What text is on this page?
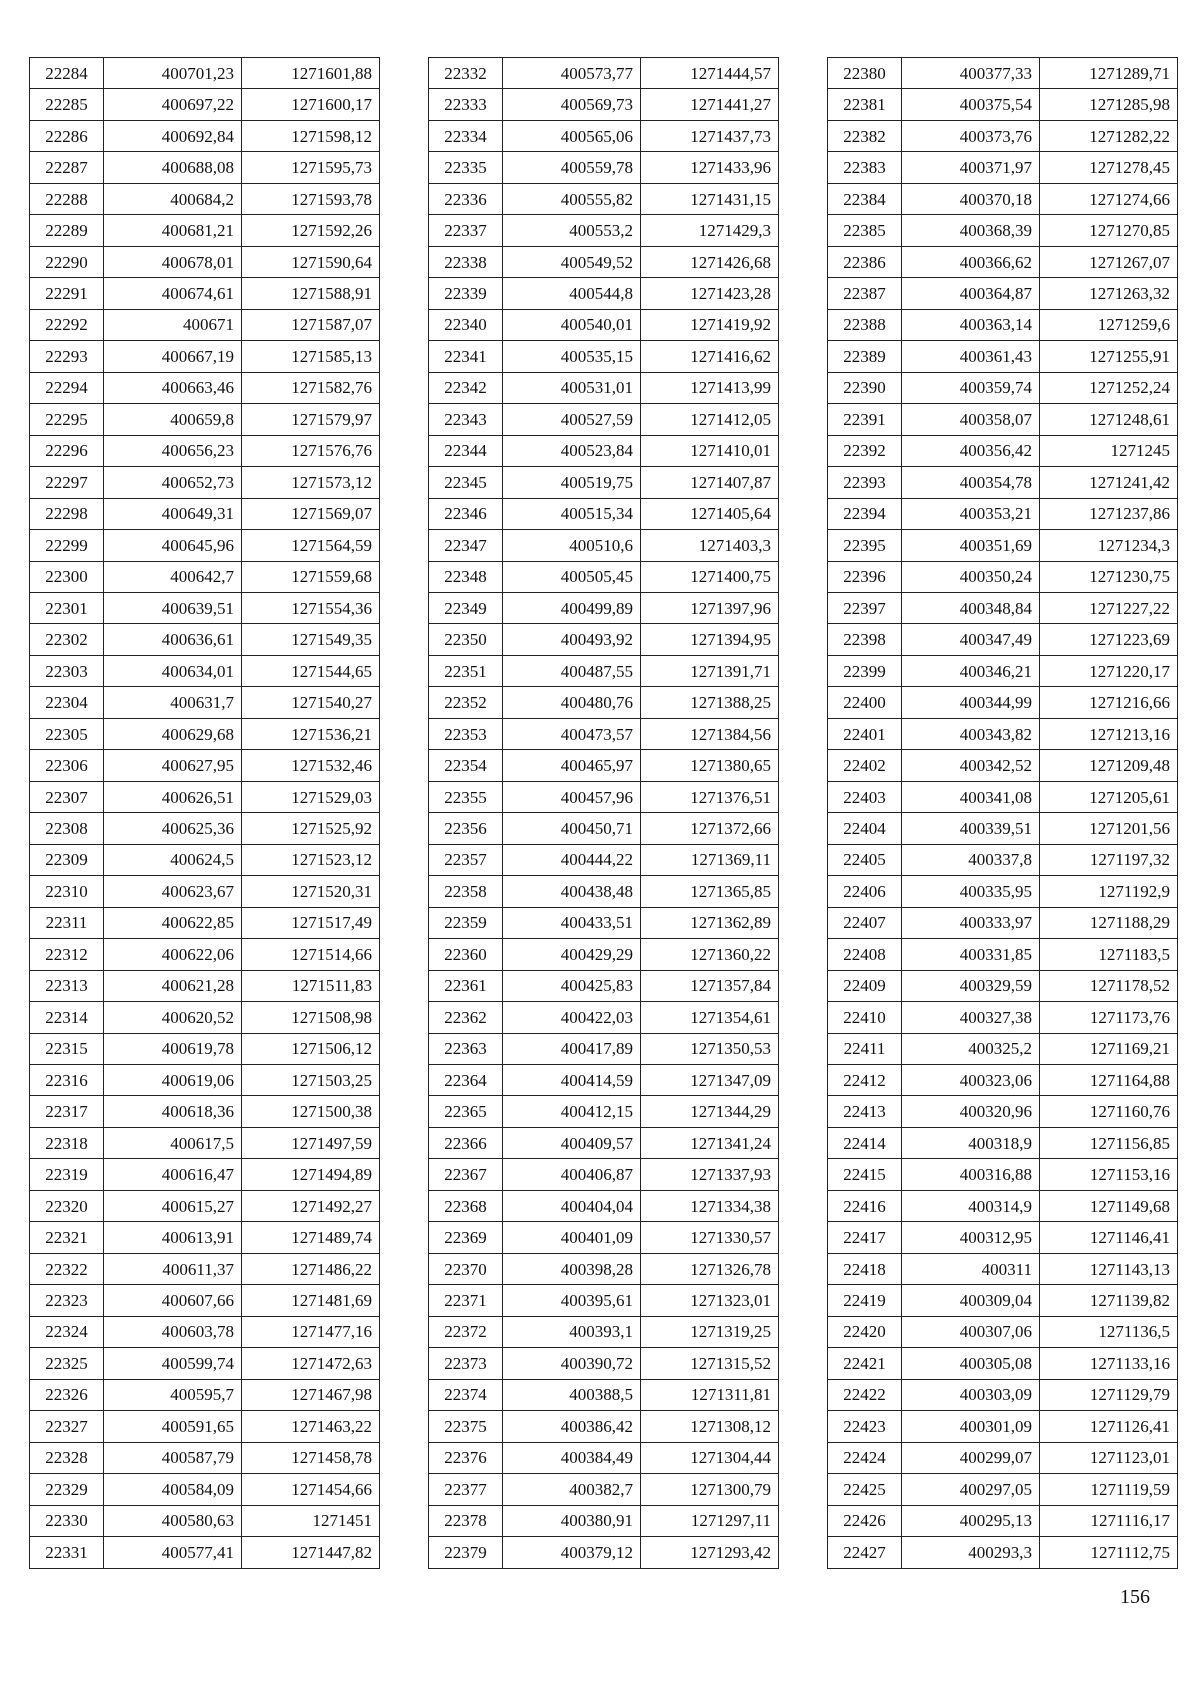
22284	400701,23	1271601,88
22285	400697,22	1271600,17
22286	400692,84	1271598,12
22287	400688,08	1271595,73
22288	400684,2	1271593,78
22289	400681,21	1271592,26
22290	400678,01	1271590,64
22291	400674,61	1271588,91
22292	400671	1271587,07
22293	400667,19	1271585,13
22294	400663,46	1271582,76
22295	400659,8	1271579,97
22296	400656,23	1271576,76
22297	400652,73	1271573,12
22298	400649,31	1271569,07
22299	400645,96	1271564,59
22300	400642,7	1271559,68
22301	400639,51	1271554,36
22302	400636,61	1271549,35
22303	400634,01	1271544,65
22304	400631,7	1271540,27
22305	400629,68	1271536,21
22306	400627,95	1271532,46
22307	400626,51	1271529,03
22308	400625,36	1271525,92
22309	400624,5	1271523,12
22310	400623,67	1271520,31
22311	400622,85	1271517,49
22312	400622,06	1271514,66
22313	400621,28	1271511,83
22314	400620,52	1271508,98
22315	400619,78	1271506,12
22316	400619,06	1271503,25
22317	400618,36	1271500,38
22318	400617,5	1271497,59
22319	400616,47	1271494,89
22320	400615,27	1271492,27
22321	400613,91	1271489,74
22322	400611,37	1271486,22
22323	400607,66	1271481,69
22324	400603,78	1271477,16
22325	400599,74	1271472,63
22326	400595,7	1271467,98
22327	400591,65	1271463,22
22328	400587,79	1271458,78
22329	400584,09	1271454,66
22330	400580,63	1271451
22331	400577,41	1271447,82
22332	400573,77	1271444,57
22333	400569,73	1271441,27
22334	400565,06	1271437,73
22335	400559,78	1271433,96
22336	400555,82	1271431,15
22337	400553,2	1271429,3
22338	400549,52	1271426,68
22339	400544,8	1271423,28
22340	400540,01	1271419,92
22341	400535,15	1271416,62
22342	400531,01	1271413,99
22343	400527,59	1271412,05
22344	400523,84	1271410,01
22345	400519,75	1271407,87
22346	400515,34	1271405,64
22347	400510,6	1271403,3
22348	400505,45	1271400,75
22349	400499,89	1271397,96
22350	400493,92	1271394,95
22351	400487,55	1271391,71
22352	400480,76	1271388,25
22353	400473,57	1271384,56
22354	400465,97	1271380,65
22355	400457,96	1271376,51
22356	400450,71	1271372,66
22357	400444,22	1271369,11
22358	400438,48	1271365,85
22359	400433,51	1271362,89
22360	400429,29	1271360,22
22361	400425,83	1271357,84
22362	400422,03	1271354,61
22363	400417,89	1271350,53
22364	400414,59	1271347,09
22365	400412,15	1271344,29
22366	400409,57	1271341,24
22367	400406,87	1271337,93
22368	400404,04	1271334,38
22369	400401,09	1271330,57
22370	400398,28	1271326,78
22371	400395,61	1271323,01
22372	400393,1	1271319,25
22373	400390,72	1271315,52
22374	400388,5	1271311,81
22375	400386,42	1271308,12
22376	400384,49	1271304,44
22377	400382,7	1271300,79
22378	400380,91	1271297,11
22379	400379,12	1271293,42
22380	400377,33	1271289,71
22381	400375,54	1271285,98
22382	400373,76	1271282,22
22383	400371,97	1271278,45
22384	400370,18	1271274,66
22385	400368,39	1271270,85
22386	400366,62	1271267,07
22387	400364,87	1271263,32
22388	400363,14	1271259,6
22389	400361,43	1271255,91
22390	400359,74	1271252,24
22391	400358,07	1271248,61
22392	400356,42	1271245
22393	400354,78	1271241,42
22394	400353,21	1271237,86
22395	400351,69	1271234,3
22396	400350,24	1271230,75
22397	400348,84	1271227,22
22398	400347,49	1271223,69
22399	400346,21	1271220,17
22400	400344,99	1271216,66
22401	400343,82	1271213,16
22402	400342,52	1271209,48
22403	400341,08	1271205,61
22404	400339,51	1271201,56
22405	400337,8	1271197,32
22406	400335,95	1271192,9
22407	400333,97	1271188,29
22408	400331,85	1271183,5
22409	400329,59	1271178,52
22410	400327,38	1271173,76
22411	400325,2	1271169,21
22412	400323,06	1271164,88
22413	400320,96	1271160,76
22414	400318,9	1271156,85
22415	400316,88	1271153,16
22416	400314,9	1271149,68
22417	400312,95	1271146,41
22418	400311	1271143,13
22419	400309,04	1271139,82
22420	400307,06	1271136,5
22421	400305,08	1271133,16
22422	400303,09	1271129,79
22423	400301,09	1271126,41
22424	400299,07	1271123,01
22425	400297,05	1271119,59
22426	400295,13	1271116,17
22427	400293,3	1271112,75
156
